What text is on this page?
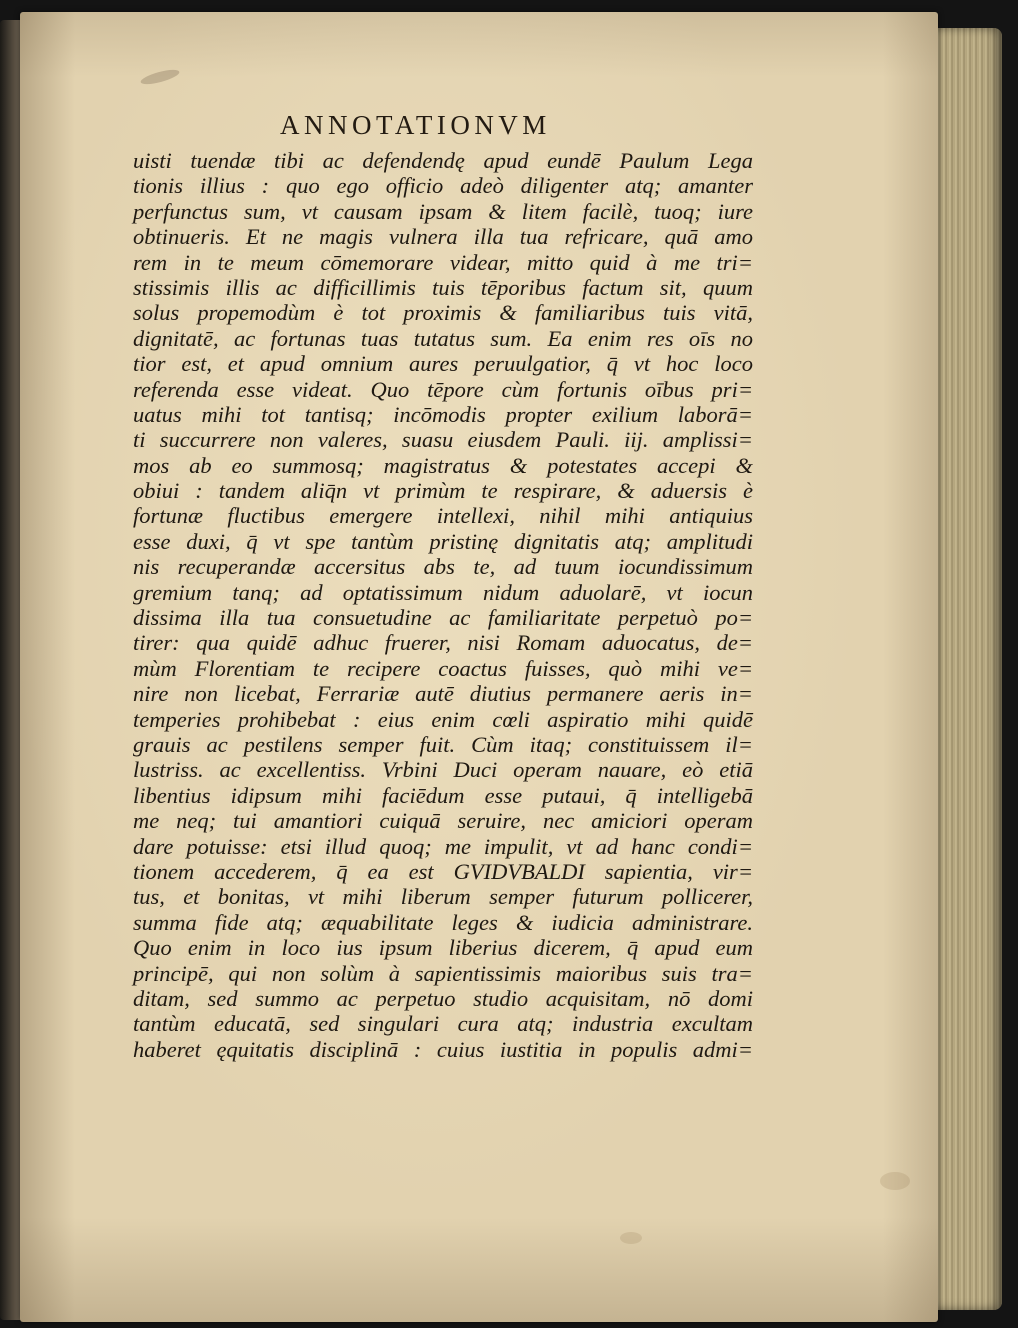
ANNOTATIONVM
uisti tuendæ tibi ac defendendę apud eundē Paulum Lega
tionis illius : quo ego officio adeò diligenter atq; amanter
perfunctus sum, vt causam ipsam & litem facilè, tuoq; iure
obtinueris. Et ne magis vulnera illa tua refricare, quā amo
rem in te meum cōmemorare videar, mitto quid à me tri=
stissimis illis ac difficillimis tuis tēporibus factum sit, quum
solus propemodùm è tot proximis & familiaribus tuis vitā,
dignitatē, ac fortunas tuas tutatus sum. Ea enim res oīs no
tior est, et apud omnium aures peruulgatior, q̄ vt hoc loco
referenda esse videat. Quo tēpore cùm fortunis oībus pri=
uatus mihi tot tantisq; incōmodis propter exilium laborā=
ti succurrere non valeres, suasu eiusdem Pauli. iij. amplissi=
mos ab eo summosq; magistratus & potestates accepi &
obiui : tandem aliq̄n vt primùm te respirare, & aduersis è
fortunæ fluctibus emergere intellexi, nihil mihi antiquius
esse duxi, q̄ vt spe tantùm pristinę dignitatis atq; amplitudi
nis recuperandæ accersitus abs te, ad tuum iocundissimum
gremium tanq; ad optatissimum nidum aduolarē, vt iocun
dissima illa tua consuetudine ac familiaritate perpetuò po=
tirer: qua quidē adhuc fruerer, nisi Romam aduocatus, de=
mùm Florentiam te recipere coactus fuisses, quò mihi ve=
nire non licebat, Ferrariæ autē diutius permanere aeris in=
temperies prohibebat : eius enim cœli aspiratio mihi quidē
grauis ac pestilens semper fuit. Cùm itaq; constituissem il=
lustriss. ac excellentiss. Vrbini Duci operam nauare, eò etiā
libentius idipsum mihi faciēdum esse putaui, q̄ intelligebā
me neq; tui amantiori cuiquā seruire, nec amiciori operam
dare potuisse: etsi illud quoq; me impulit, vt ad hanc condi=
tionem accederem, q̄ ea est GVIDVBALDI sapientia, vir=
tus, et bonitas, vt mihi liberum semper futurum pollicerer,
summa fide atq; æquabilitate leges & iudicia administrare.
Quo enim in loco ius ipsum liberius dicerem, q̄ apud eum
principē, qui non solùm à sapientissimis maioribus suis tra=
ditam, sed summo ac perpetuo studio acquisitam, nō domi
tantùm educatā, sed singulari cura atq; industria excultam
haberet ęquitatis disciplinā : cuius iustitia in populis admi=
